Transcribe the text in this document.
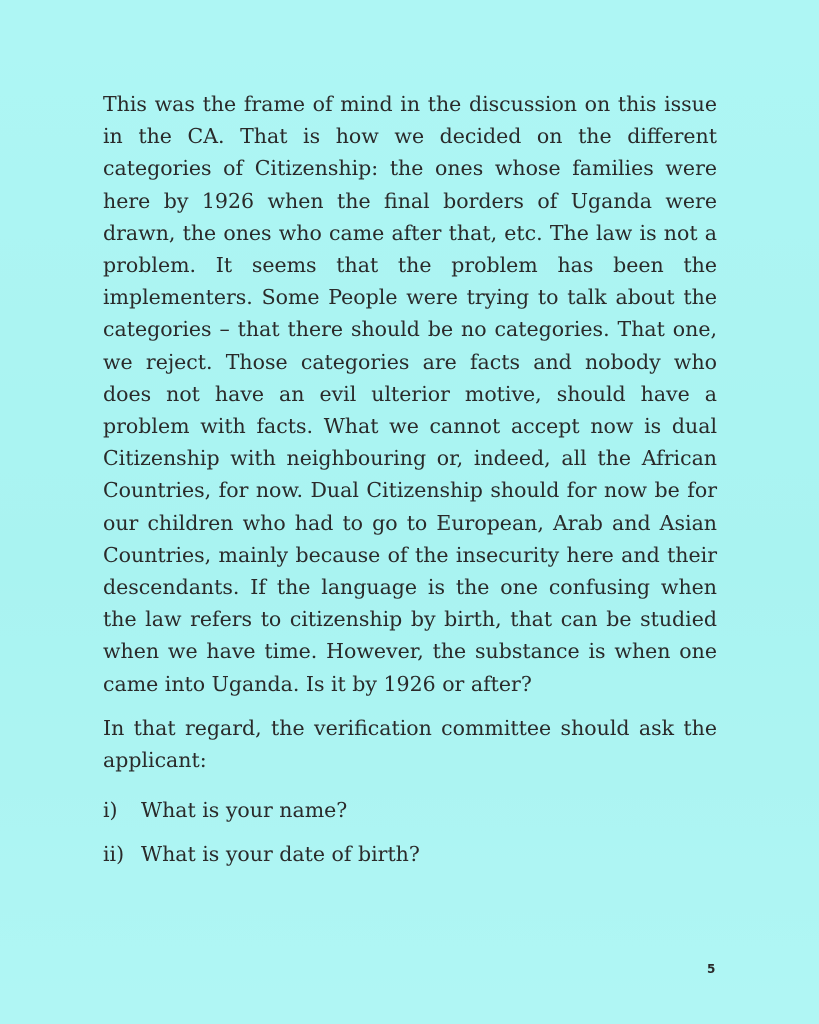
This was the frame of mind in the discussion on this issue in the CA. That is how we decided on the different categories of Citizenship: the ones whose families were here by 1926 when the final borders of Uganda were drawn, the ones who came after that, etc. The law is not a problem. It seems that the problem has been the implementers. Some People were trying to talk about the categories – that there should be no categories. That one, we reject. Those categories are facts and nobody who does not have an evil ulterior motive, should have a problem with facts. What we cannot accept now is dual Citizenship with neighbouring or, indeed, all the African Countries, for now. Dual Citizenship should for now be for our children who had to go to European, Arab and Asian Countries, mainly because of the insecurity here and their descendants. If the language is the one confusing when the law refers to citizenship by birth, that can be studied when we have time. However, the substance is when one came into Uganda. Is it by 1926 or after?

In that regard, the verification committee should ask the applicant:

i)	What is your name?
ii) What is your date of birth?
5
